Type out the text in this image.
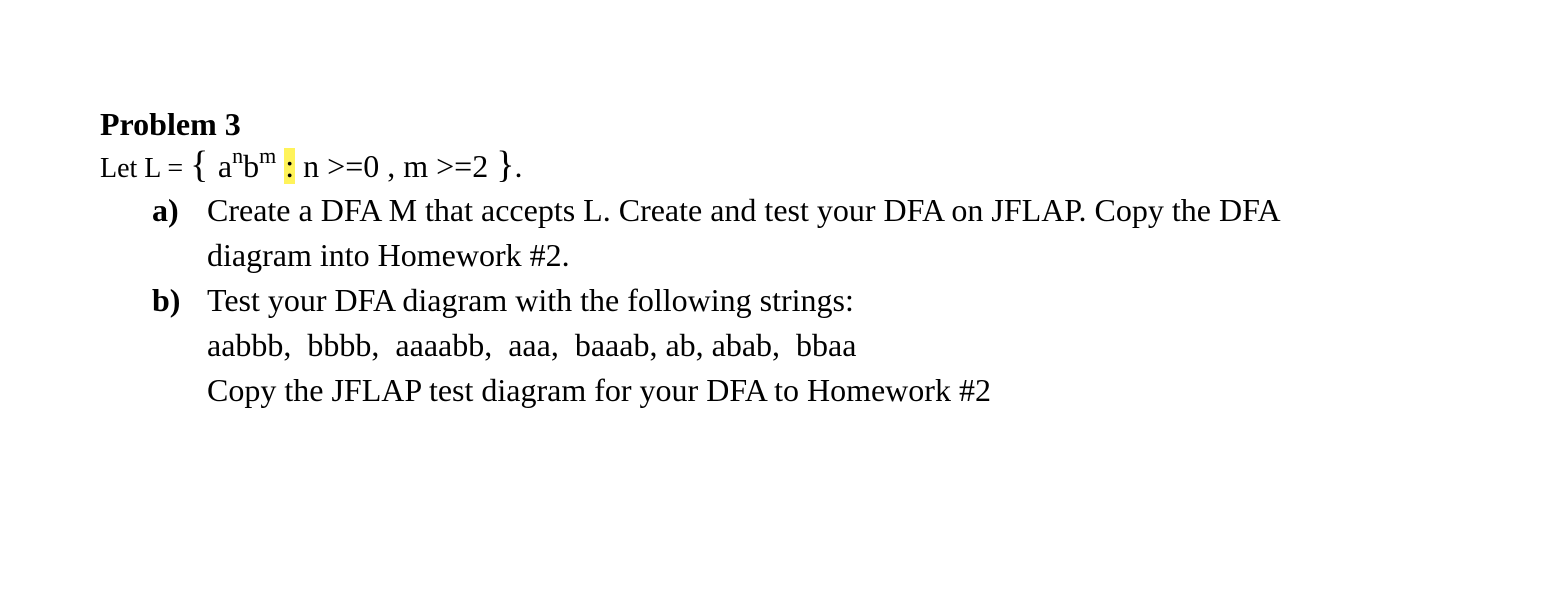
Problem 3
Let L = { $a^nb^m$ : n >=0 , m >=2 }.
a) Create a DFA M that accepts L. Create and test your DFA on JFLAP. Copy the DFA
diagram into Homework #2.
b) Test your DFA diagram with the following strings:
aabbb,  bbbb,  aaaabb,  aaa,  baaab, ab, abab,  bbaa
Copy the JFLAP test diagram for your DFA to Homework #2
